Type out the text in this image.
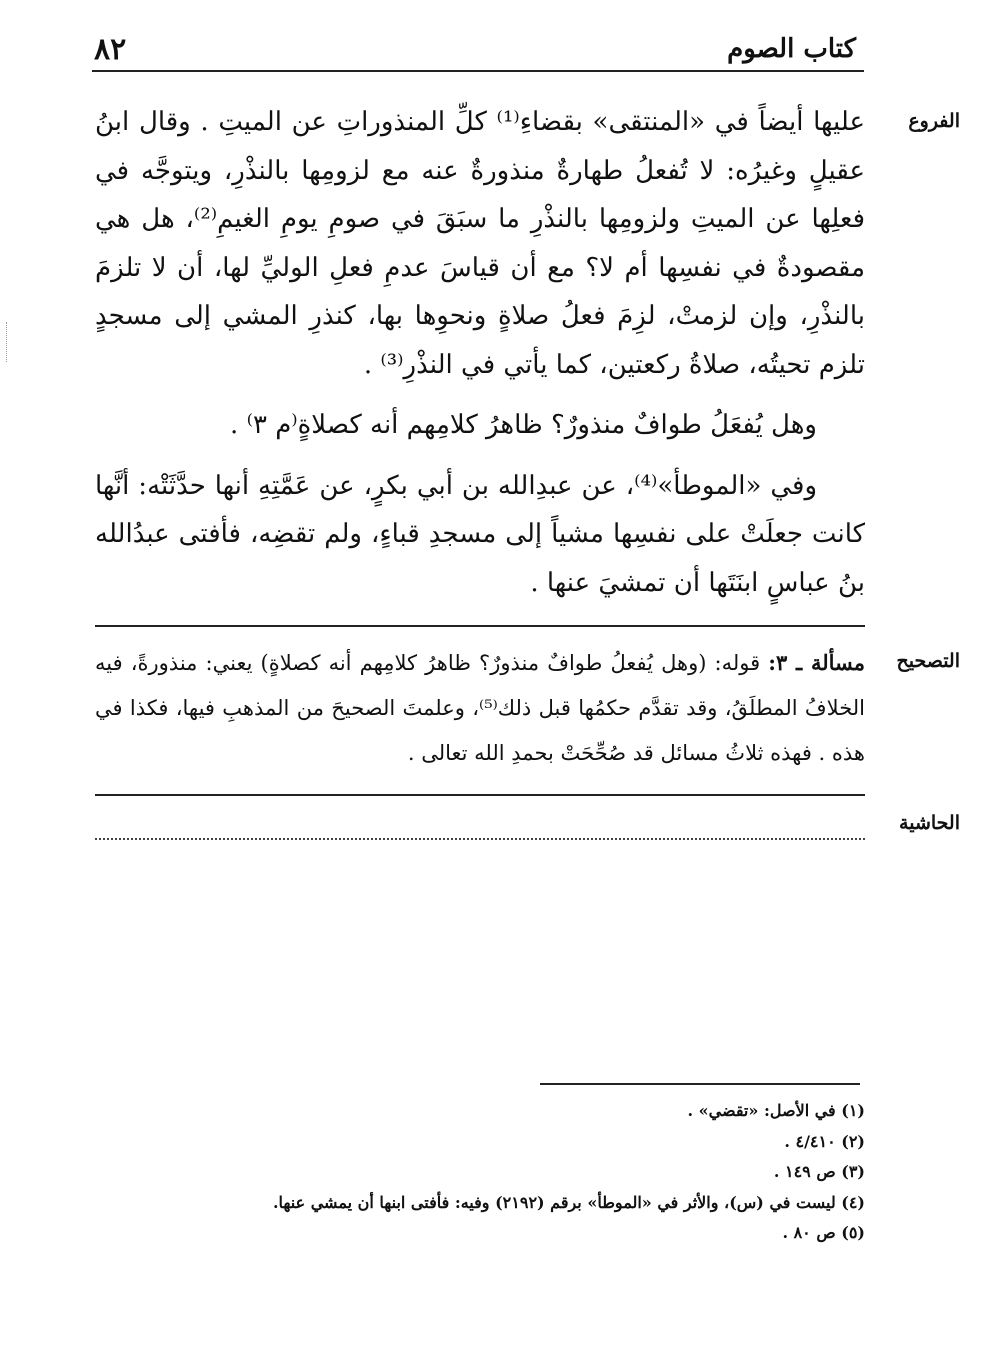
٨٢	كتاب الصوم
الفروع

عليها أيضاً في «المنتقى» بقضاءِ⁽¹⁾ كلِّ المنذوراتِ عن الميتِ . وقال ابنُ عقيلٍ وغيرُه: لا تُفعلُ طهارةٌ منذورةٌ عنه مع لزومِها بالنذْرِ، ويتوجَّه في فعلِها عن الميتِ ولزومِها بالنذْرِ ما سبَقَ في صومِ يومِ الغيمِ⁽²⁾، هل هي مقصودةٌ في نفسِها أم لا؟ مع أن قياسَ عدمِ فعلِ الوليِّ لها، أن لا تلزمَ بالنذْرِ، وإن لزمتْ، لزِمَ فعلُ صلاةٍ ونحوِها بها، كنذرِ المشي إلى مسجدٍ تلزم تحيتُه، صلاةُ ركعتين، كما يأتي في النذْرِ⁽³⁾ .

وهل يُفعَلُ طوافٌ منذورٌ؟ ظاهرُ كلامِهم أنه كصلاةٍ⁽م ٣⁾ .

وفي «الموطأ»⁽⁴⁾، عن عبدِالله بن أبي بكرٍ، عن عَمَّتِهِ أنها حدَّثَتْه: أنَّها كانت جعلَتْ على نفسِها مشياً إلى مسجدِ قباءٍ، ولم تقضِه، فأفتى عبدُالله بنُ عباسٍ ابنَتَها أن تمشيَ عنها .

التصحيح

مسألة ـ ٣: قوله: (وهل يُفعلُ طوافٌ منذورٌ؟ ظاهرُ كلامِهم أنه كصلاةٍ) يعني: منذورةً، فيه الخلافُ المطلَقُ، وقد تقدَّم حكمُها قبل ذلك⁽⁵⁾، وعلمتَ الصحيحَ من المذهبِ فيها، فكذا في هذه . فهذه ثلاثُ مسائل قد صُحِّحَتْ بحمدِ الله تعالى .

الحاشية
(١) في الأصل: «تقضي» .
(٢) ٤/٤١٠ .
(٣) ص ١٤٩ .
(٤) ليست في (س)، والأثر في «الموطأ» برقم (٢١٩٢) وفيه: فأفتى ابنها أن يمشي عنها.
(٥) ص ٨٠ .
